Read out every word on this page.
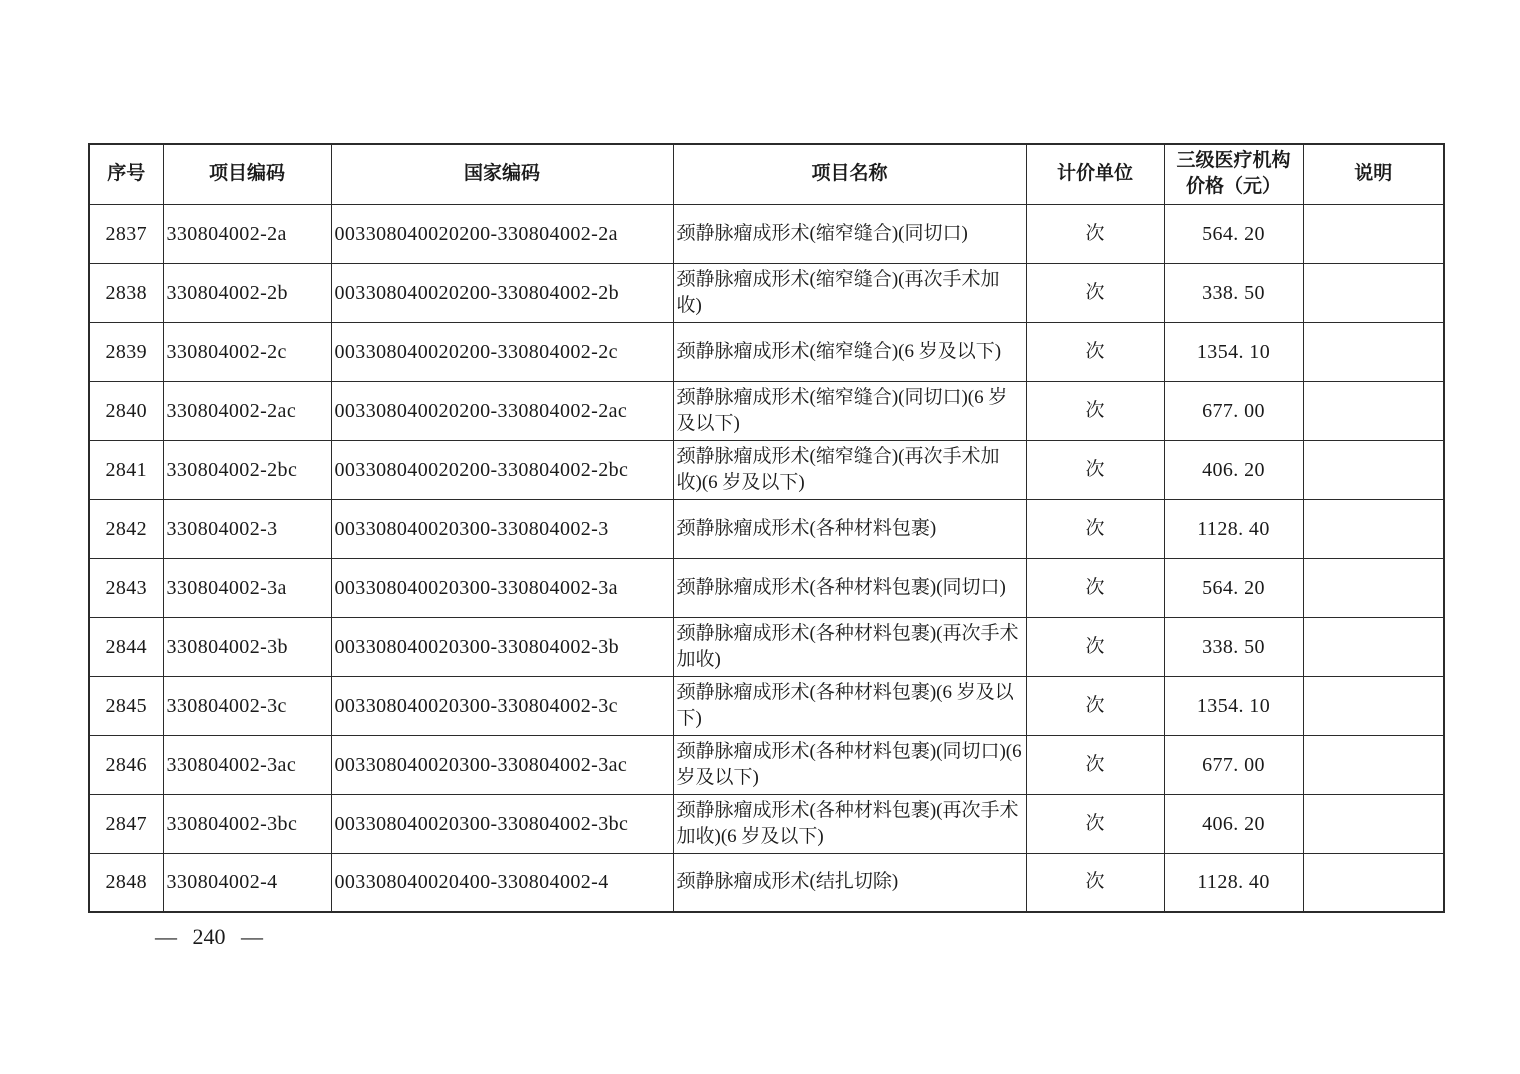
序号	项目编码	国家编码	项目名称	计价单位	三级医疗机构价格（元）	说明
2837	330804002-2a	003308040020200-330804002-2a	颈静脉瘤成形术(缩窄缝合)(同切口)	次	564. 20	
2838	330804002-2b	003308040020200-330804002-2b	颈静脉瘤成形术(缩窄缝合)(再次手术加收)	次	338. 50	
2839	330804002-2c	003308040020200-330804002-2c	颈静脉瘤成形术(缩窄缝合)(6 岁及以下)	次	1354. 10	
2840	330804002-2ac	003308040020200-330804002-2ac	颈静脉瘤成形术(缩窄缝合)(同切口)(6 岁及以下)	次	677. 00	
2841	330804002-2bc	003308040020200-330804002-2bc	颈静脉瘤成形术(缩窄缝合)(再次手术加收)(6 岁及以下)	次	406. 20	
2842	330804002-3	003308040020300-330804002-3	颈静脉瘤成形术(各种材料包裹)	次	1128. 40	
2843	330804002-3a	003308040020300-330804002-3a	颈静脉瘤成形术(各种材料包裹)(同切口)	次	564. 20	
2844	330804002-3b	003308040020300-330804002-3b	颈静脉瘤成形术(各种材料包裹)(再次手术加收)	次	338. 50	
2845	330804002-3c	003308040020300-330804002-3c	颈静脉瘤成形术(各种材料包裹)(6 岁及以下)	次	1354. 10	
2846	330804002-3ac	003308040020300-330804002-3ac	颈静脉瘤成形术(各种材料包裹)(同切口)(6 岁及以下)	次	677. 00	
2847	330804002-3bc	003308040020300-330804002-3bc	颈静脉瘤成形术(各种材料包裹)(再次手术加收)(6 岁及以下)	次	406. 20	
2848	330804002-4	003308040020400-330804002-4	颈静脉瘤成形术(结扎切除)	次	1128. 40	
— 240 —
